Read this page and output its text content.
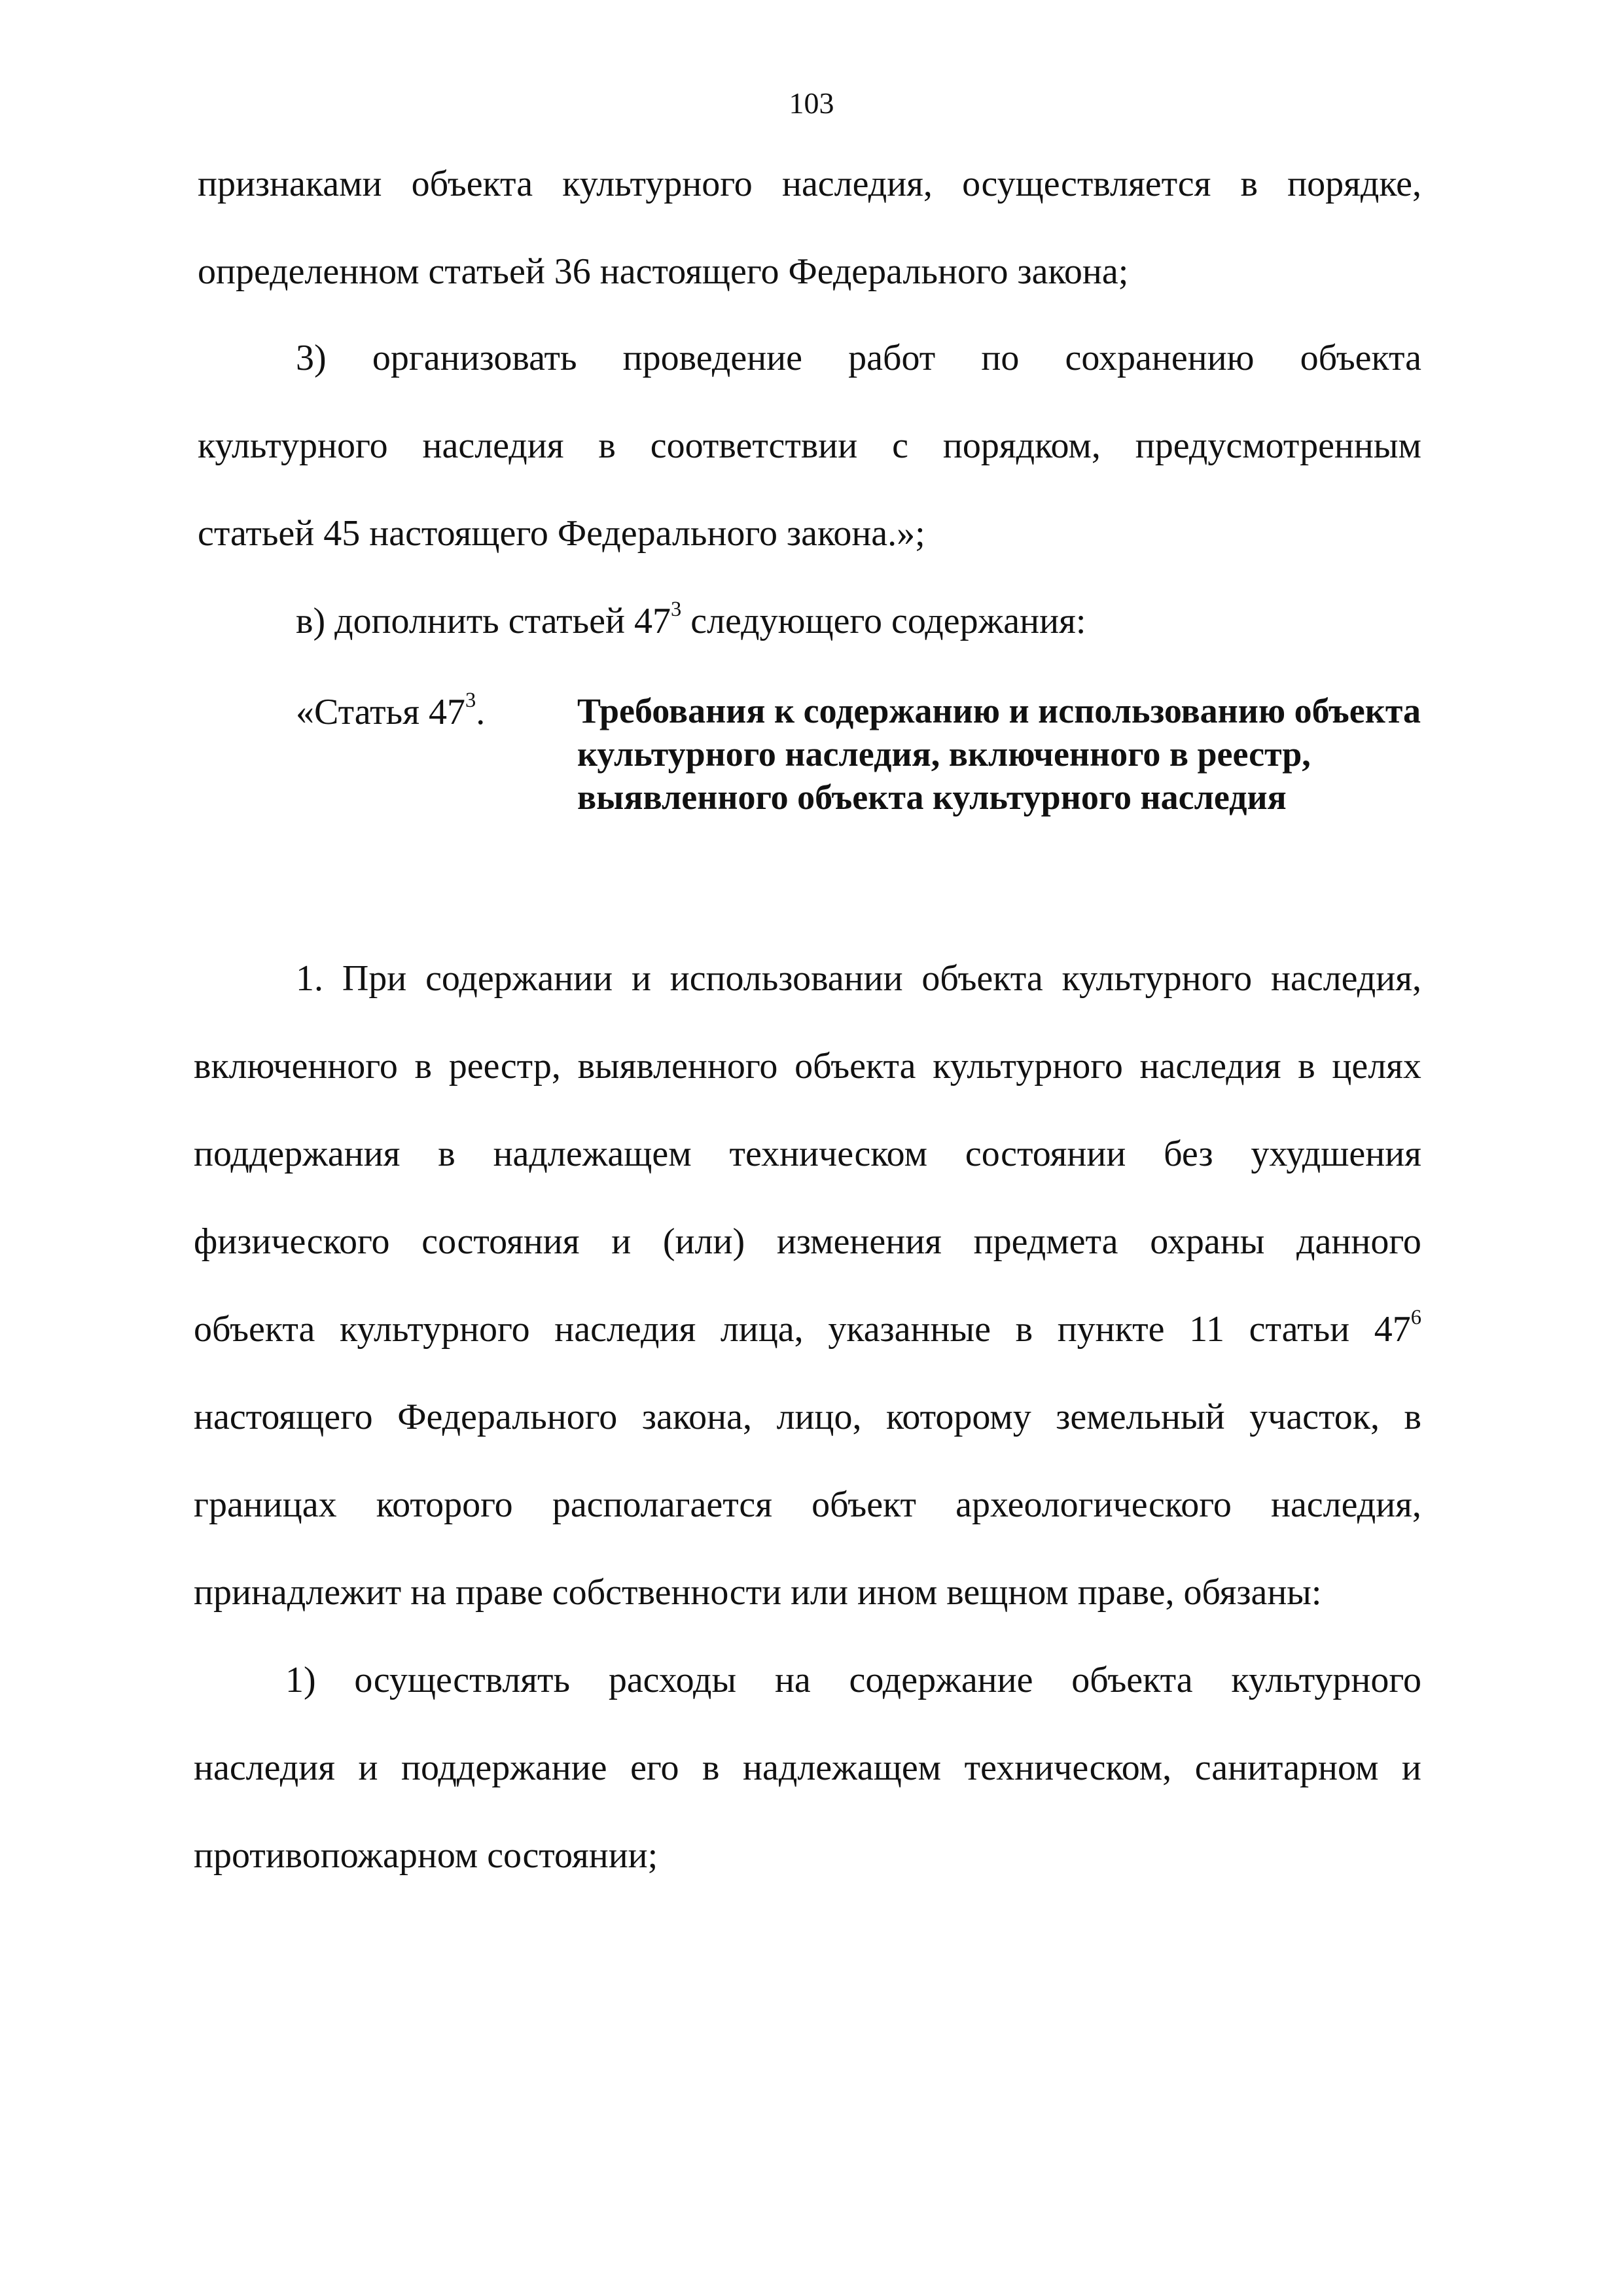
103
признаками объекта культурного наследия, осуществляется в порядке,
определенном статьей 36 настоящего Федерального закона;
3) организовать проведение работ по сохранению объекта
культурного наследия в соответствии с порядком, предусмотренным
статьей 45 настоящего Федерального закона.»;
в) дополнить статьей $47^3$ следующего содержания:
«Статья $47^3$.	Требования к содержанию и использованию объекта культурного наследия, включенного в реестр, выявленного объекта культурного наследия
1. При содержании и использовании объекта культурного наследия,
включенного в реестр, выявленного объекта культурного наследия в целях
поддержания в надлежащем техническом состоянии без ухудшения
физического состояния и (или) изменения предмета охраны данного
объекта культурного наследия лица, указанные в пункте 11 статьи $47^6$
настоящего Федерального закона, лицо, которому земельный участок, в
границах которого располагается объект археологического наследия,
принадлежит на праве собственности или ином вещном праве, обязаны:
1) осуществлять расходы на содержание объекта культурного
наследия и поддержание его в надлежащем техническом, санитарном и
противопожарном состоянии;
